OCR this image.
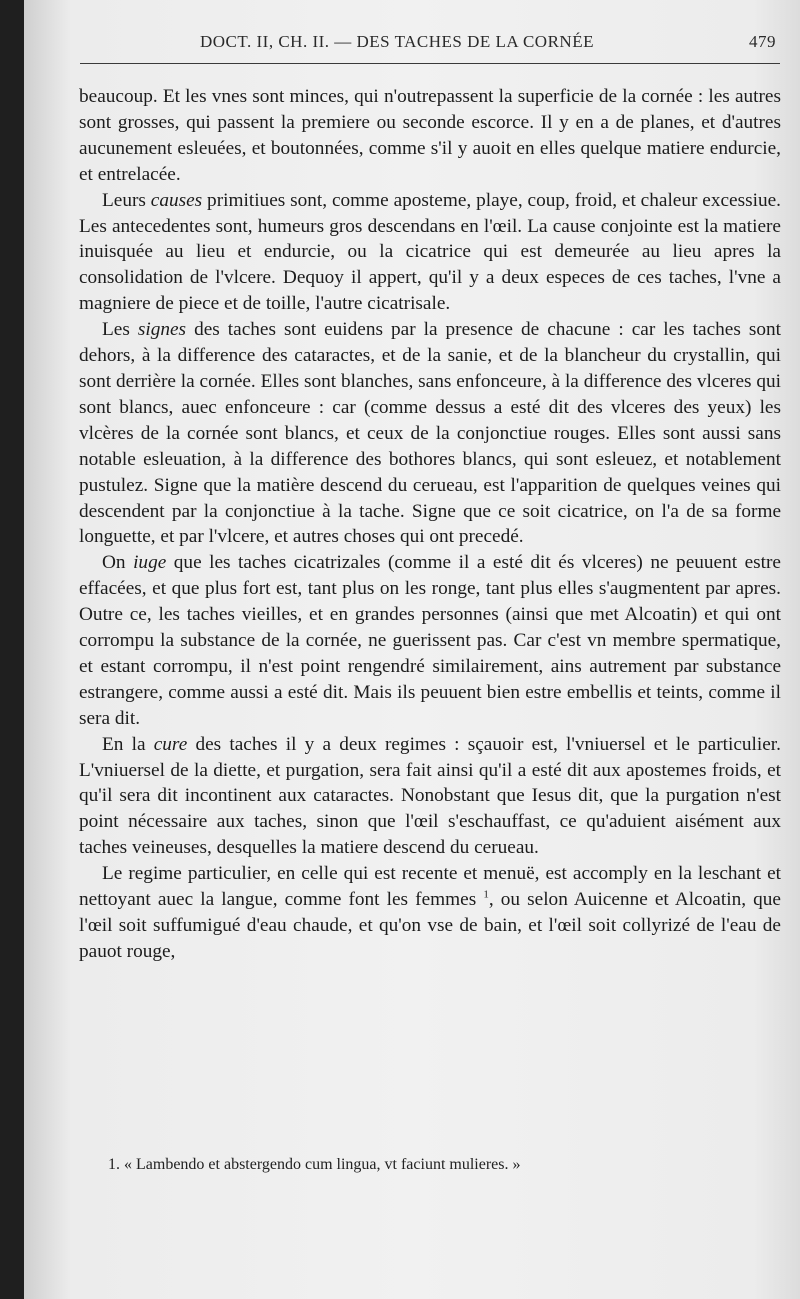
DOCT. II, CH. II. — DES TACHES DE LA CORNÉE	479

beaucoup. Et les vnes sont minces, qui n'outrepassent la superficie de la cornée : les autres sont grosses, qui passent la premiere ou seconde escorce. Il y en a de planes, et d'autres aucunement esleuées, et boutonnées, comme s'il y auoit en elles quelque matiere endurcie, et entrelacée.

Leurs causes primitiues sont, comme aposteme, playe, coup, froid, et chaleur excessiue. Les antecedentes sont, humeurs gros descendans en l'œil. La cause conjointe est la matiere inuisquée au lieu et endurcie, ou la cicatrice qui est demeurée au lieu apres la consolidation de l'vlcere. Dequoy il appert, qu'il y a deux especes de ces taches, l'vne a magniere de piece et de toille, l'autre cicatrisale.

Les signes des taches sont euidens par la presence de chacune : car les taches sont dehors, à la difference des cataractes, et de la sanie, et de la blancheur du crystallin, qui sont derrière la cornée. Elles sont blanches, sans enfonceure, à la difference des vlceres qui sont blancs, auec enfonceure : car (comme dessus a esté dit des vlceres des yeux) les vlcères de la cornée sont blancs, et ceux de la conjonctiue rouges. Elles sont aussi sans notable esleuation, à la difference des bothores blancs, qui sont esleuez, et notablement pustulez. Signe que la matière descend du cerueau, est l'apparition de quelques veines qui descendent par la conjonctiue à la tache. Signe que ce soit cicatrice, on l'a de sa forme longuette, et par l'vlcere, et autres choses qui ont precedé.

On iuge que les taches cicatrizales (comme il a esté dit és vlceres) ne peuuent estre effacées, et que plus fort est, tant plus on les ronge, tant plus elles s'augmentent par apres. Outre ce, les taches vieilles, et en grandes personnes (ainsi que met Alcoatin) et qui ont corrompu la substance de la cornée, ne guerissent pas. Car c'est vn membre spermatique, et estant corrompu, il n'est point rengendré similairement, ains autrement par substance estrangere, comme aussi a esté dit. Mais ils peuuent bien estre embellis et teints, comme il sera dit.

En la cure des taches il y a deux regimes : sçauoir est, l'vniuersel et le particulier. L'vniuersel de la diette, et purgation, sera fait ainsi qu'il a esté dit aux apostemes froids, et qu'il sera dit incontinent aux cataractes. Nonobstant que Iesus dit, que la purgation n'est point nécessaire aux taches, sinon que l'œil s'eschauffast, ce qu'aduient aisément aux taches veineuses, desquelles la matiere descend du cerueau.

Le regime particulier, en celle qui est recente et menuë, est accomply en la leschant et nettoyant auec la langue, comme font les femmes $^1$, ou selon Auicenne et Alcoatin, que l'œil soit suffumigué d'eau chaude, et qu'on vse de bain, et l'œil soit collyrizé de l'eau de pauot rouge,

1. « Lambendo et abstergendo cum lingua, vt faciunt mulieres. »
